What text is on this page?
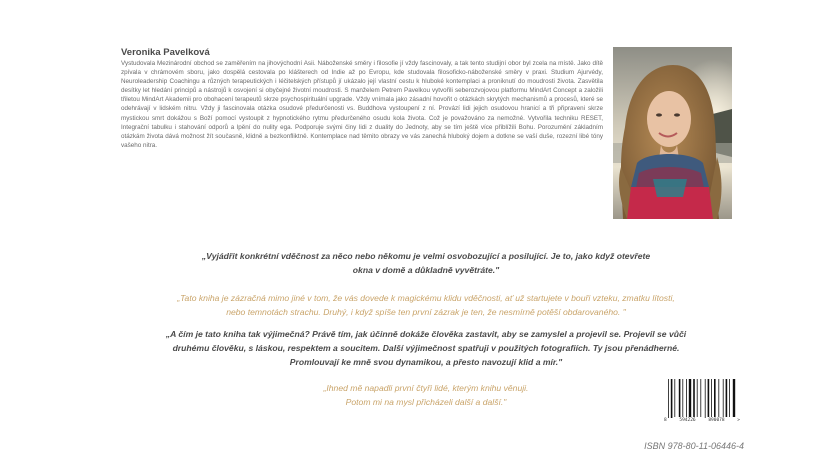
Veronika Pavelková
Vystudovala Mezinárodní obchod se zaměřením na jihovýchodní Asii. Náboženské směry i filosofie jí vždy fascinovaly, a tak tento studijní obor byl zcela na místě. Jako dítě zpívala v chrámovém sboru, jako dospělá cestovala po klášterech od Indie až po Evropu, kde studovala filosoficko-náboženské směry v praxi. Studium Ajurvédy, Neuroleadership Coachingu a různých terapeutických i léčitelských přístupů jí ukázalo její vlastní cestu k hluboké kontemplaci a proniknutí do moudrosti života. Zasvětila desítky let hledání principů a nástrojů k osvojení si obyčejné životní moudrosti. S manželem Petrem Pavelkou vytvořili seberozvojovou platformu MindArt Concept a založili třiletou MindArt Akademii pro obohacení terapeutů skrze psychospirituální upgrade. Vždy vnímala jako zásadní hovořit o otázkách skrytých mechanismů a procesů, které se odehrávají v lidském nitru. Vždy ji fascinovala otázka osudové předurčenosti vs. Buddhova vystoupení z ní. Provází lidi jejich osudovou hranicí a tři připraveni skrze mystickou smrt dokážou s Boží pomocí vystoupit z hypnotického rytmu předurčeného osudu kola života. Což je považováno za nemožné. Vytvořila techniku RESET, Integrační tabulku i stahování odporů a lpění do nulity ega. Podporuje svými činy lidi z duality do Jednoty, aby se tím ještě více přiblížili Bohu. Porozumění základním otázkám života dává možnost žít současně, klidně a bezkonfliktně. Kontemplace nad těmito obrazy ve vás zanechá hluboký dojem a dotkne se vaší duše, rozezní libé tóny vašeho nitra.
„Vyjádřit konkrétní vděčnost za něco nebo někomu je velmi osvobozující a posilující. Je to, jako když otevřete
okna v domě a důkladně vyvětráte."
„Tato kniha je zázračná mimo jiné v tom, že vás dovede k magickému klidu vděčnosti, ať už startujete v bouři vzteku, zmatku lítosti,
nebo temnotách strachu. Druhý, i když spíše ten první zázrak je ten, že nesmírně potěší obdarovaného. "
„A čím je tato kniha tak výjimečná? Právě tím, jak účinně dokáže člověka zastavit, aby se zamyslel a projevil se. Projevil se vůči
druhému člověku, s láskou, respektem a soucitem. Další výjimečnost spatřuji v použitých fotografiích. Ty jsou přenádherné.
Promlouvají ke mně svou dynamikou, a přesto navozují klid a mír."
„Ihned mě napadli první čtyři lidé, kterým knihu věnuji.
Potom mi na mysl přicházeli další a další."
8	594226	890078	>
ISBN 978-80-11-06446-4
